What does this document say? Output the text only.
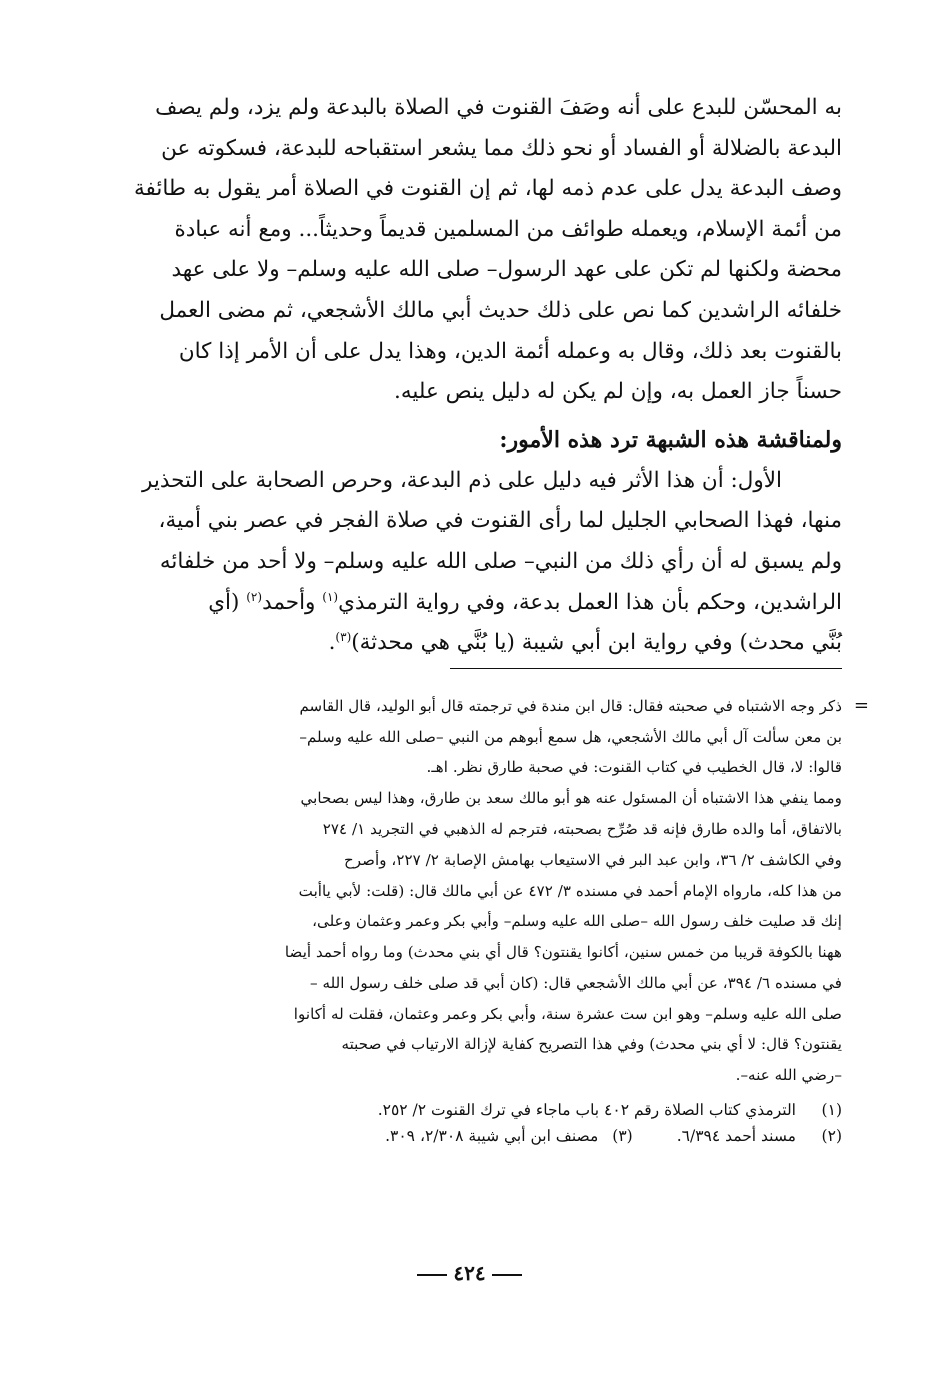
به المحسّن للبدع على أنه وصَفَ القنوت في الصلاة بالبدعة ولم يزد، ولم يصف

البدعة بالضلالة أو الفساد أو نحو ذلك مما يشعر استقباحه للبدعة، فسكوته عن

وصف البدعة يدل على عدم ذمه لها، ثم إن القنوت في الصلاة أمر يقول به طائفة

من أئمة الإسلام، ويعمله طوائف من المسلمين قديماً وحديثاً... ومع أنه عبادة

محضة ولكنها لم تكن على عهد الرسول– صلى الله عليه وسلم– ولا على عهد

خلفائه الراشدين كما نص على ذلك حديث أبي مالك الأشجعي، ثم مضى العمل

بالقنوت بعد ذلك، وقال به وعمله أئمة الدين، وهذا يدل على أن الأمر إذا كان

حسناً جاز العمل به، وإن لم يكن له دليل ينص عليه.

ولمناقشة هذه الشبهة ترد هذه الأمور:

الأول: أن هذا الأثر فيه دليل على ذم البدعة، وحرص الصحابة على التحذير

منها، فهذا الصحابي الجليل لما رأى القنوت في صلاة الفجر في عصر بني أمية،

ولم يسبق له أن رأي ذلك من النبي– صلى الله عليه وسلم– ولا أحد من خلفائه

الراشدين، وحكم بأن هذا العمل بدعة، وفي رواية الترمذي$^{(١)}$ وأحمد$^{(٢)}$ (أي

بُنَّي محدث) وفي رواية ابن أبي شيبة (يا بُنَّي هي محدثة)$^{(٣)}$.

=

ذكر وجه الاشتباه في صحبته فقال: قال ابن مندة في ترجمته قال أبو الوليد، قال القاسم

بن معن سألت آل أبي مالك الأشجعي، هل سمع أبوهم من النبي –صلى الله عليه وسلم–

قالوا: لا، قال الخطيب في كتاب القنوت: في صحبة طارق نظر. اهـ.

ومما ينفي هذا الاشتباه أن المسئول عنه هو أبو مالك سعد بن طارق، وهذا ليس بصحابي

بالاتفاق، أما والده طارق فإنه قد صُرِّح بصحبته، فترجم له الذهبي في التجريد ١/ ٢٧٤

وفي الكاشف ٢/ ٣٦، وابن عبد البر في الاستيعاب بهامش الإصابة ٢/ ٢٢٧، وأصرح

من هذا كله، مارواه الإمام أحمد في مسنده ٣/ ٤٧٢ عن أبي مالك قال: (قلت: لأبي ياأبت

إنك قد صليت خلف رسول الله –صلى الله عليه وسلم– وأبي بكر وعمر وعثمان وعلى،

ههنا بالكوفة قريبا من خمس سنين، أكانوا يقنتون؟ قال أي بني محدث) وما رواه أحمد أيضا

في مسنده ٦/ ٣٩٤، عن أبي مالك الأشجعي قال: (كان أبي قد صلى خلف رسول الله –

صلى الله عليه وسلم– وهو ابن ست عشرة سنة، وأبي بكر وعمر وعثمان، فقلت له أكانوا

يقنتون؟ قال: لا أي بني محدث) وفي هذا التصريح كفاية لإزالة الارتياب في صحبته

–رضي الله عنه–.

(١)
الترمذي كتاب الصلاة رقم ٤٠٢ باب ماجاء في ترك القنوت ٢/ ٢٥٢.
(٢)
مسند أحمد ٦/٣٩٤.
(٣)
مصنف ابن أبي شيبة ٢/٣٠٨، ٣٠٩.
٤٢٤
